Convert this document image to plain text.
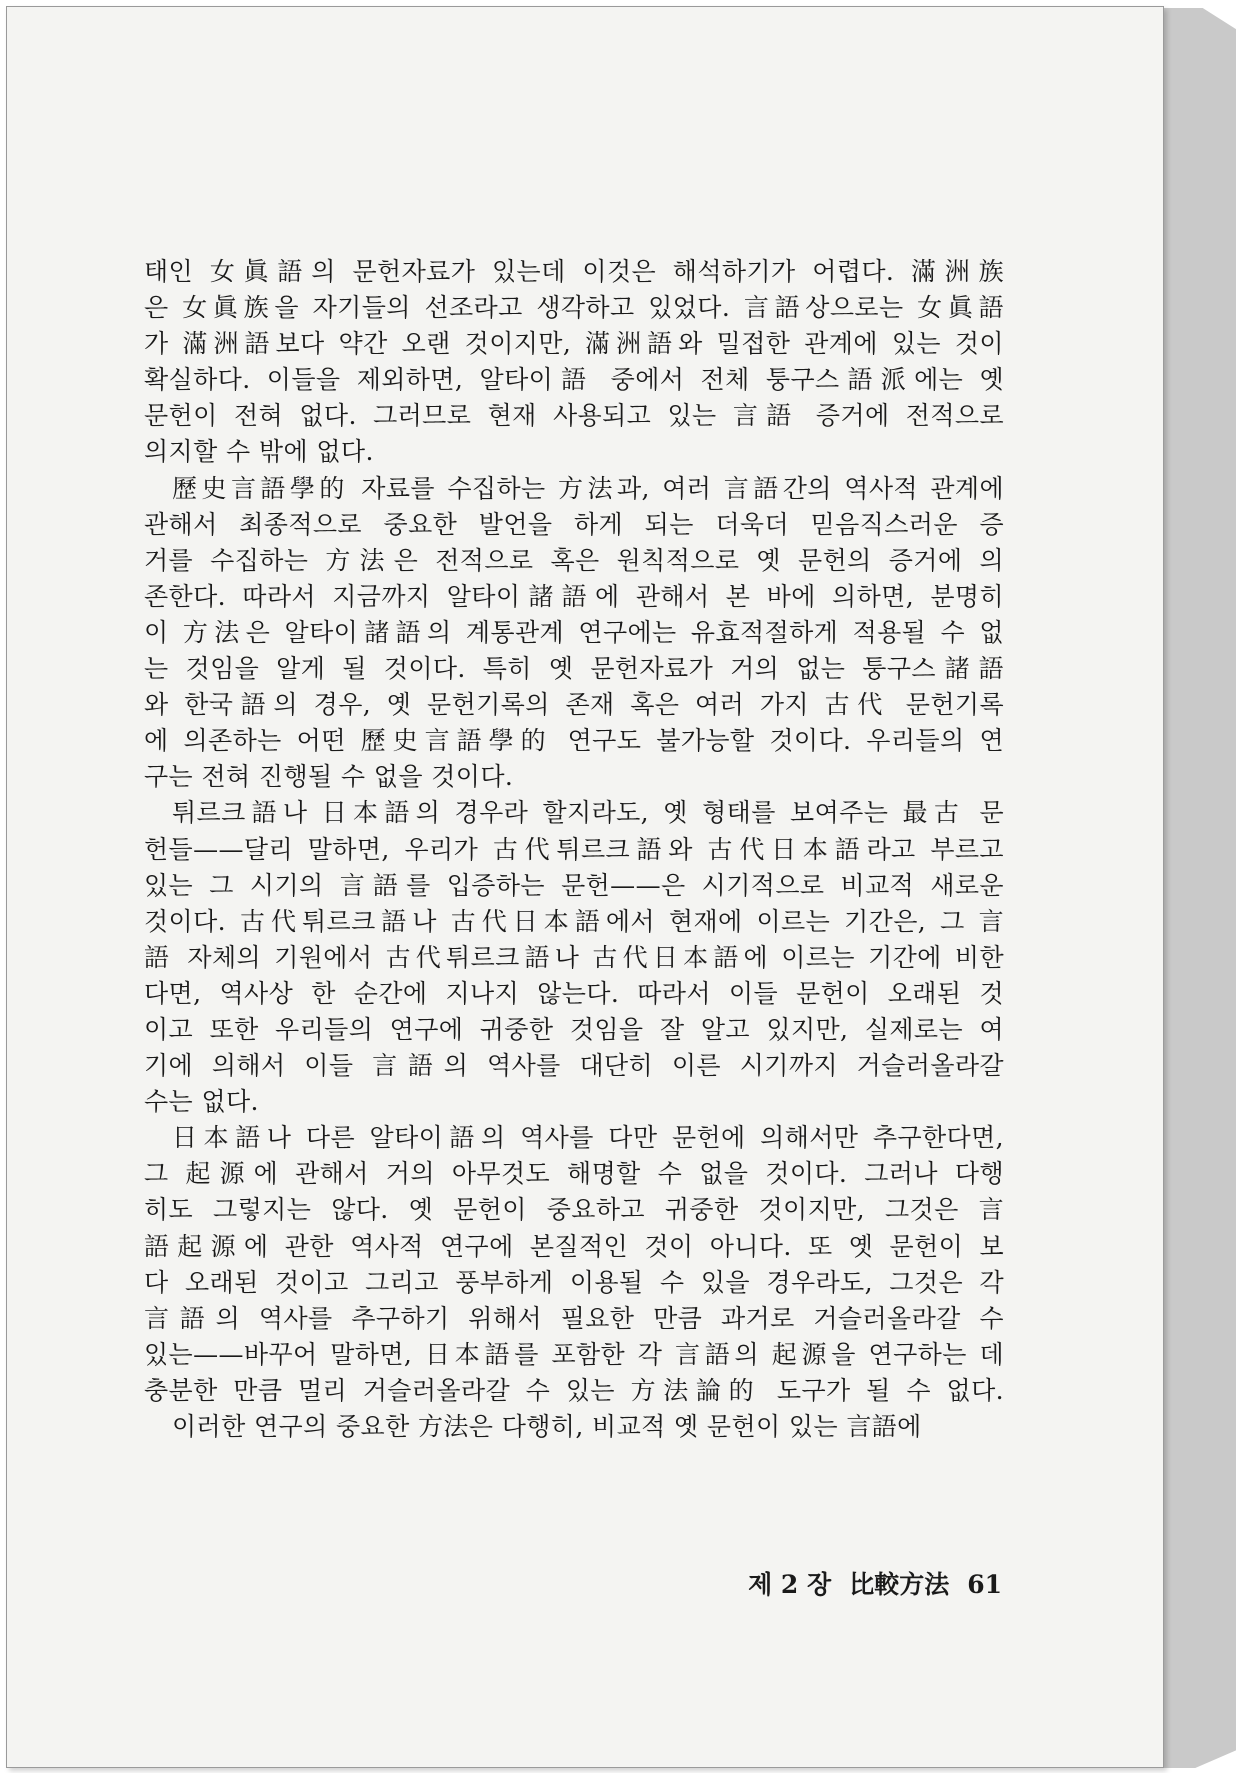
태인 女眞語의 문헌자료가 있는데 이것은 해석하기가 어렵다. 滿洲族
은 女眞族을 자기들의 선조라고 생각하고 있었다. 言語상으로는 女眞語
가 滿洲語보다 약간 오랜 것이지만, 滿洲語와 밀접한 관계에 있는 것이
확실하다. 이들을 제외하면, 알타이語 중에서 전체 퉁구스語派에는 옛
문헌이 전혀 없다. 그러므로 현재 사용되고 있는 言語 증거에 전적으로
의지할 수 밖에 없다.
歷史言語學的 자료를 수집하는 方法과, 여러 言語간의 역사적 관계에
관해서 최종적으로 중요한 발언을 하게 되는 더욱더 믿음직스러운 증
거를 수집하는 方法은 전적으로 혹은 원칙적으로 옛 문헌의 증거에 의
존한다. 따라서 지금까지 알타이諸語에 관해서 본 바에 의하면, 분명히
이 方法은 알타이諸語의 계통관계 연구에는 유효적절하게 적용될 수 없
는 것임을 알게 될 것이다. 특히 옛 문헌자료가 거의 없는 퉁구스諸語
와 한국語의 경우, 옛 문헌기록의 존재 혹은 여러 가지 古代 문헌기록
에 의존하는 어떤 歷史言語學的 연구도 불가능할 것이다. 우리들의 연
구는 전혀 진행될 수 없을 것이다.
튀르크語나 日本語의 경우라 할지라도, 옛 형태를 보여주는 最古 문
헌들——달리 말하면, 우리가 古代튀르크語와 古代日本語라고 부르고
있는 그 시기의 言語를 입증하는 문헌——은 시기적으로 비교적 새로운
것이다. 古代튀르크語나 古代日本語에서 현재에 이르는 기간은, 그 言
語 자체의 기원에서 古代튀르크語나 古代日本語에 이르는 기간에 비한
다면, 역사상 한 순간에 지나지 않는다. 따라서 이들 문헌이 오래된 것
이고 또한 우리들의 연구에 귀중한 것임을 잘 알고 있지만, 실제로는 여
기에 의해서 이들 言語의 역사를 대단히 이른 시기까지 거슬러올라갈
수는 없다.
日本語나 다른 알타이語의 역사를 다만 문헌에 의해서만 추구한다면,
그 起源에 관해서 거의 아무것도 해명할 수 없을 것이다. 그러나 다행
히도 그렇지는 않다. 옛 문헌이 중요하고 귀중한 것이지만, 그것은 言
語起源에 관한 역사적 연구에 본질적인 것이 아니다. 또 옛 문헌이 보
다 오래된 것이고 그리고 풍부하게 이용될 수 있을 경우라도, 그것은 각
言語의 역사를 추구하기 위해서 필요한 만큼 과거로 거슬러올라갈 수
있는——바꾸어 말하면, 日本語를 포함한 각 言語의 起源을 연구하는 데
충분한 만큼 멀리 거슬러올라갈 수 있는 方法論的 도구가 될 수 없다.
이러한 연구의 중요한 方法은 다행히, 비교적 옛 문헌이 있는 言語에
제 2 장 比較方法 61
